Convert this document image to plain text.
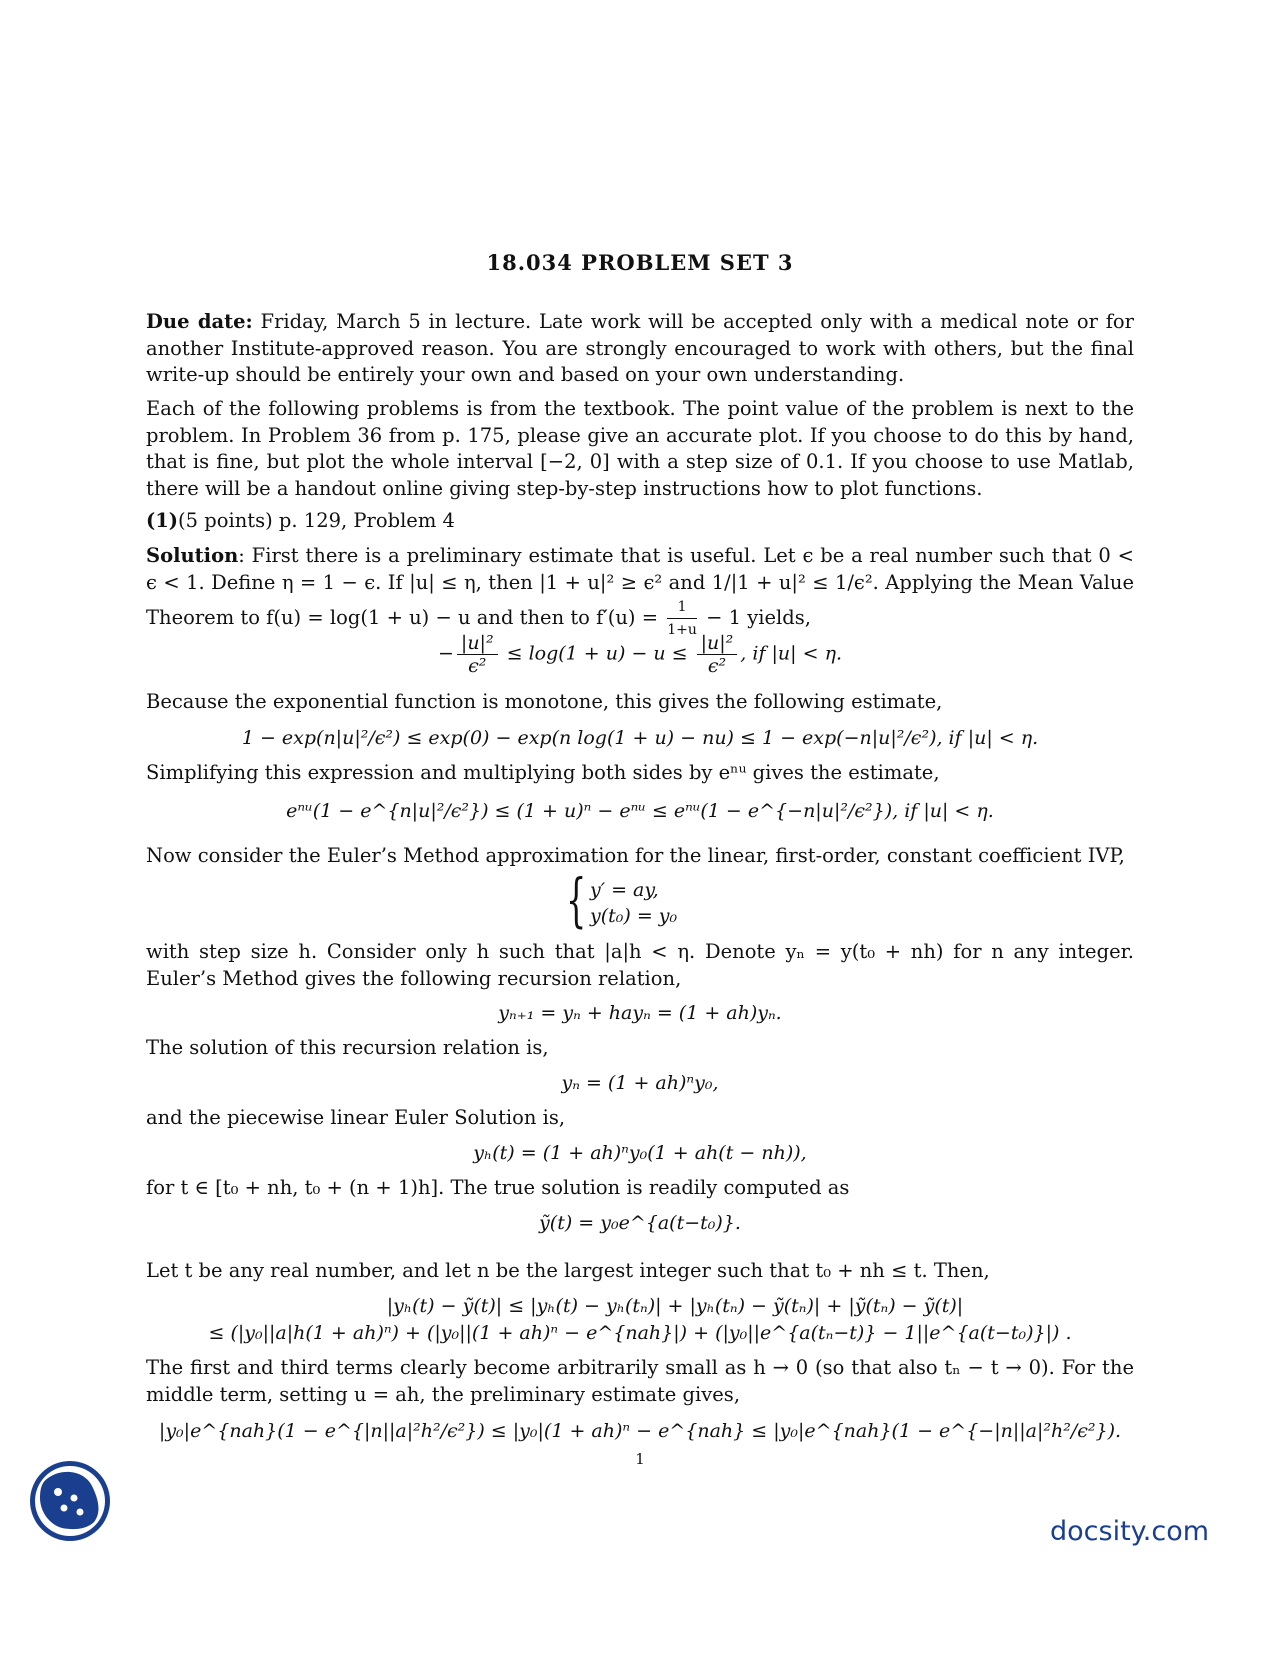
18.034 PROBLEM SET 3
Due date: Friday, March 5 in lecture. Late work will be accepted only with a medical note or for another Institute-approved reason. You are strongly encouraged to work with others, but the final write-up should be entirely your own and based on your own understanding.
Each of the following problems is from the textbook. The point value of the problem is next to the problem. In Problem 36 from p. 175, please give an accurate plot. If you choose to do this by hand, that is fine, but plot the whole interval [−2, 0] with a step size of 0.1. If you choose to use Matlab, there will be a handout online giving step-by-step instructions how to plot functions.
(1)(5 points) p. 129, Problem 4
Solution: First there is a preliminary estimate that is useful. Let ϵ be a real number such that 0 < ϵ < 1. Define η = 1 − ϵ. If |u| ≤ η, then |1 + u|² ≥ ϵ² and 1/|1 + u|² ≤ 1/ϵ². Applying the Mean Value Theorem to f(u) = log(1 + u) − u and then to $f'(u) = \frac{1}{1+u} - 1$ yields,
− $\frac{\text{|u|²}}{\text{ϵ²}} \le \log(1 + u) - u \le \frac{\text{|u|²}}{\text{ϵ²}}$ , if |u| < η.
Because the exponential function is monotone, this gives the following estimate,
1 − exp(n|u|²/ϵ²) ≤ exp(0) − exp(n log(1 + u) − nu) ≤ 1 − exp(−n|u|²/ϵ²), if |u| < η.
Simplifying this expression and multiplying both sides by eⁿᵘ gives the estimate,
eⁿᵘ(1 − e^{n|u|²/ϵ²}) ≤ (1 + u)ⁿ − eⁿᵘ ≤ eⁿᵘ(1 − e^{−n|u|²/ϵ²}), if |u| < η.
Now consider the Euler’s Method approximation for the linear, first-order, constant coefficient IVP,
{ y′ = ay,
y(t₀) = y₀
with step size h. Consider only h such that |a|h < η. Denote yₙ = y(t₀ + nh) for n any integer. Euler’s Method gives the following recursion relation,
yₙ₊₁ = yₙ + hayₙ = (1 + ah)yₙ.
The solution of this recursion relation is,
yₙ = (1 + ah)ⁿy₀,
and the piecewise linear Euler Solution is,
yₕ(t) = (1 + ah)ⁿy₀(1 + ah(t − nh)),
for t ∈ [t₀ + nh, t₀ + (n + 1)h]. The true solution is readily computed as
ỹ(t) = y₀e^{a(t−t₀)}.
Let t be any real number, and let n be the largest integer such that t₀ + nh ≤ t. Then,
|yₕ(t) − ỹ(t)| ≤ |yₕ(t) − yₕ(tₙ)| + |yₕ(tₙ) − ỹ(tₙ)| + |ỹ(tₙ) − ỹ(t)|
≤ (|y₀||a|h(1 + ah)ⁿ) + (|y₀||(1 + ah)ⁿ − e^{nah}|) + (|y₀||e^{a(tₙ−t)} − 1||e^{a(t−t₀)}|) .
The first and third terms clearly become arbitrarily small as h → 0 (so that also tₙ − t → 0). For the middle term, setting u = ah, the preliminary estimate gives,
|y₀|e^{nah}(1 − e^{|n||a|²h²/ϵ²}) ≤ |y₀|(1 + ah)ⁿ − e^{nah} ≤ |y₀|e^{nah}(1 − e^{−|n||a|²h²/ϵ²}).
1
docsity.com
